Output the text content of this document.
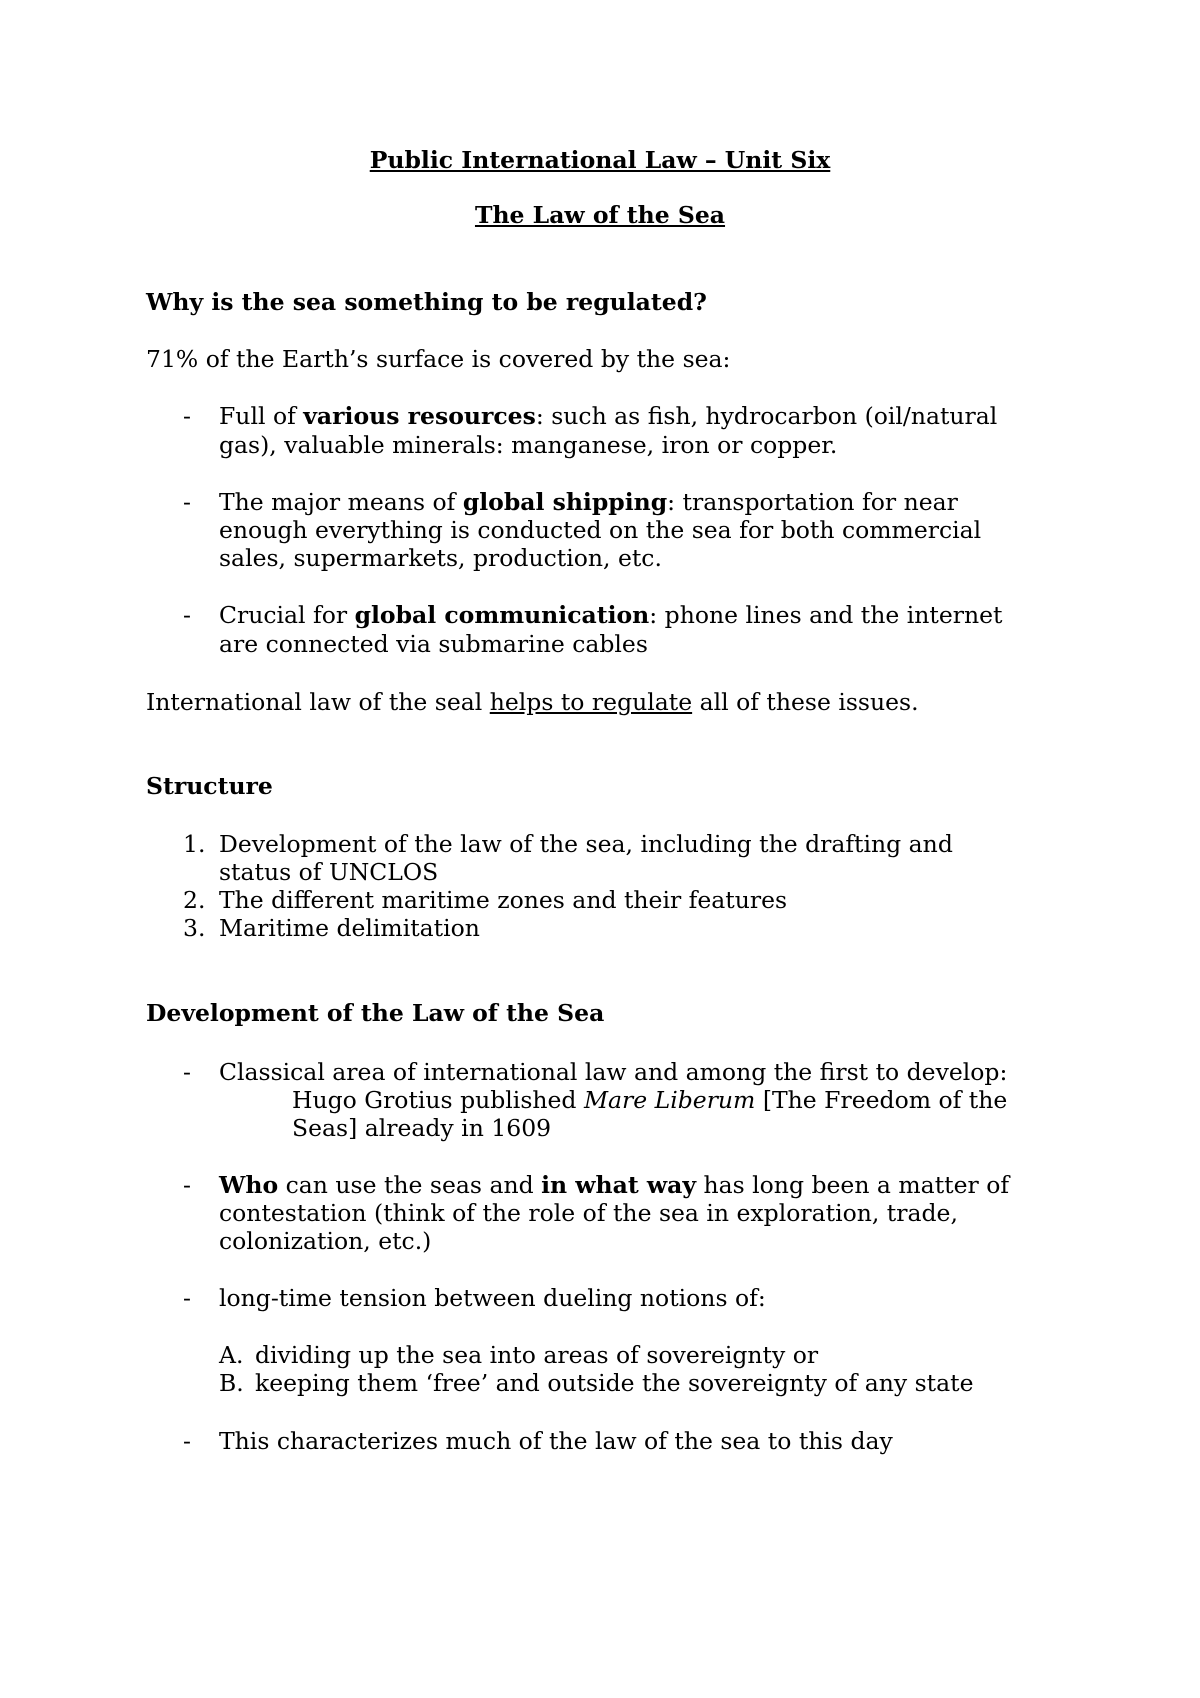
Public International Law – Unit Six
The Law of the Sea
Why is the sea something to be regulated?
71% of the Earth’s surface is covered by the sea:
-	Full of various resources: such as fish, hydrocarbon (oil/natural
gas), valuable minerals: manganese, iron or copper.
-	The major means of global shipping: transportation for near
enough everything is conducted on the sea for both commercial
sales, supermarkets, production, etc.
-	Crucial for global communication: phone lines and the internet
are connected via submarine cables
International law of the seal helps to regulate all of these issues.
Structure
1. Development of the law of the sea, including the drafting and
status of UNCLOS
2. The different maritime zones and their features
3. Maritime delimitation
Development of the Law of the Sea
-	Classical area of international law and among the first to develop:
Hugo Grotius published Mare Liberum [The Freedom of the
Seas] already in 1609
-	Who can use the seas and in what way has long been a matter of
contestation (think of the role of the sea in exploration, trade,
colonization, etc.)
-	long-time tension between dueling notions of:
A. dividing up the sea into areas of sovereignty or
B. keeping them ‘free’ and outside the sovereignty of any state
-	This characterizes much of the law of the sea to this day
